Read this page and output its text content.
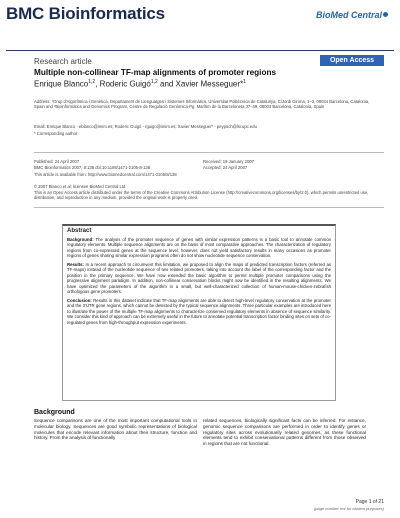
BMC Bioinformatics	BioMed Central
Research article	Open Access
Multiple non-collinear TF-map alignments of promoter regions
Enrique Blanco$^{1,2}$, Roderic Guigó$^{1,2}$ and Xavier Messeguer*$^1$
Address: ¹Grup d'Algorítmica i Genètica, Departament de Llenguatges i Sistemes Informàtics, Universitat Politècnica de Catalunya, C/Jordi Girona, 1–3, 08034 Barcelona, Catalonia, Spain and ²Bioinformatics and Genomics Program, Centre de Regulació Genòmica-Pg. Marítim de la Barceloneta 37–49, 08003 Barcelona, Catalonia, Spain
Email: Enrique Blanco - eblanco@imim.es; Roderic Guigó - rguigo@imim.es; Xavier Messeguer* - peypoch@lsi.upc.edu
* Corresponding author
Published: 24 April 2007
BMC Bioinformatics 2007, 8:138 doi:10.1186/1471-2105-8-138
This article is available from: http://www.biomedcentral.com/1471-2105/8/138
Received: 19 January 2007
Accepted: 24 April 2007
© 2007 Blanco et al; licensee BioMed Central Ltd.
This is an Open Access article distributed under the terms of the Creative Commons Attribution License (http://creativecommons.org/licenses/by/2.0), which permits unrestricted use, distribution, and reproduction in any medium, provided the original work is properly cited.
Abstract

Background: The analysis of the promoter sequence of genes with similar expression patterns is a basic tool to annotate common regulatory elements. Multiple sequence alignments are on the basis of most comparative approaches. The characterization of regulatory regions from co-expressed genes at the sequence level, however, does not yield satisfactory results in many occasions as promoter regions of genes sharing similar expression programs often do not show nucleotide sequence conservation.

Results: In a recent approach to circumvent this limitation, we proposed to align the maps of predicted transcription factors (referred as TF-maps) instead of the nucleotide sequence of two related promoters, taking into account the label of the corresponding factor and the position in the primary sequence. We have now extended the basic algorithm to permit multiple promoter comparisons using the progressive alignment paradigm. In addition, non-collinear conservation blocks might now be identified in the resulting alignments. We have optimized the parameters of the algorithm in a small, but well-characterized collection of human-mouse-chicken-zebrafish orthologous gene promoters.

Conclusion: Results in this dataset indicate that TF-map alignments are able to detect high-level regulatory conservation at the promoter and the 3'UTR gene regions, which cannot be detected by the typical sequence alignments. Three particular examples are introduced here to illustrate the power of the multiple TF-map alignments to characterize conserved regulatory elements in absence of sequence similarity. We consider this kind of approach can be extremely useful in the future to annotate potential transcription factor binding sites on sets of co-regulated genes from high-throughput expression experiments.

Background
Sequence comparisons are one of the most important computational tools in molecular biology. Sequences are good symbolic representations of biological molecules that encode relevant information about their structure, function and history. From the analysis of functionally
related sequences, biologically significant facts can be inferred. For instance, genomic sequence comparisons are performed in order to identify genes or regulatory sites across evolutionarily related genomes, as these functional elements tend to exhibit conservational patterns different from those observed in regions that are not functional.
Page 1 of 21
(page number not for citation purposes)
